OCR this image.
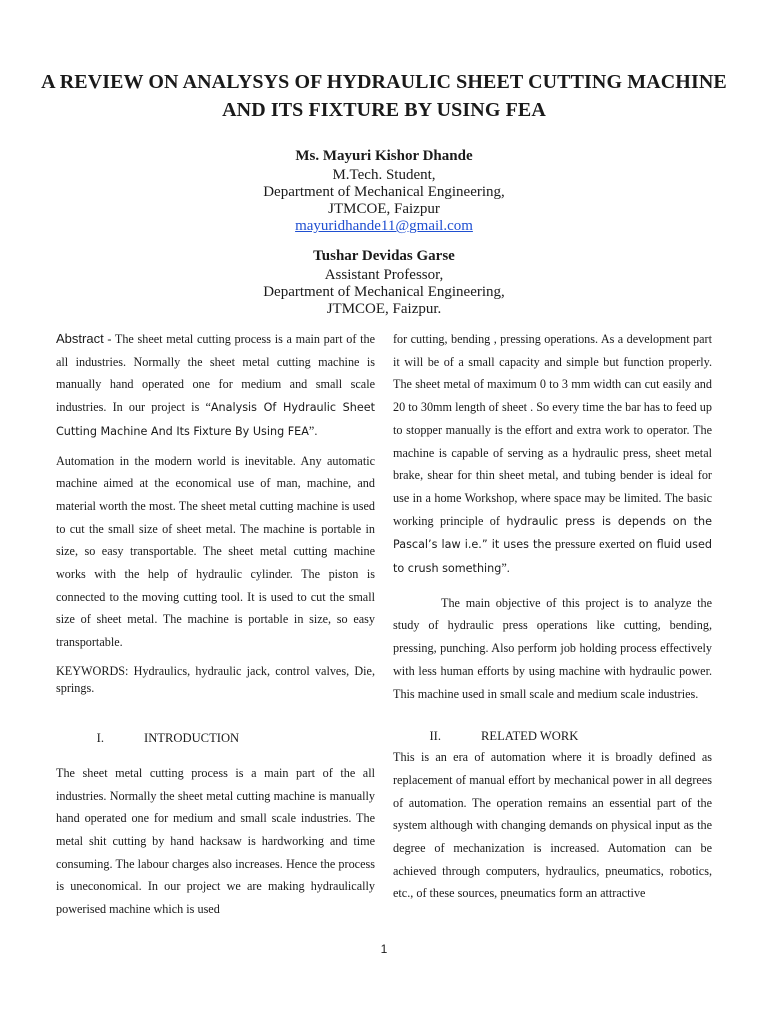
A REVIEW ON ANALYSYS OF HYDRAULIC SHEET CUTTING MACHINE AND ITS FIXTURE BY USING FEA
Ms. Mayuri Kishor Dhande
M.Tech. Student,
Department of Mechanical Engineering,
JTMCOE, Faizpur
mayuridhande11@gmail.com
Tushar Devidas Garse
Assistant Professor,
Department of Mechanical Engineering,
JTMCOE, Faizpur.

Abstract - The sheet metal cutting process is a main part of the all industries. Normally the sheet metal cutting machine is manually hand operated one for medium and small scale industries. In our project is “Analysis Of Hydraulic Sheet Cutting Machine And Its Fixture By Using FEA”.

Automation in the modern world is inevitable. Any automatic machine aimed at the economical use of man, machine, and material worth the most. The sheet metal cutting machine is used to cut the small size of sheet metal. The machine is portable in size, so easy transportable. The sheet metal cutting machine works with the help of hydraulic cylinder. The piston is connected to the moving cutting tool. It is used to cut the small size of sheet metal. The machine is portable in size, so easy transportable.

KEYWORDS: Hydraulics, hydraulic jack, control valves, Die, springs.

I.	INTRODUCTION

The sheet metal cutting process is a main part of the all industries. Normally the sheet metal cutting machine is manually hand operated one for medium and small scale industries. The metal shit cutting by hand hacksaw is hardworking and time consuming. The labour charges also increases. Hence the process is uneconomical. In our project we are making hydraulically powerised machine which is used

for cutting, bending , pressing operations. As a development part it will be of a small capacity and simple but function properly. The sheet metal of maximum 0 to 3 mm width can cut easily and 20 to 30mm length of sheet . So every time the bar has to feed up to stopper manually is the effort and extra work to operator. The machine is capable of serving as a hydraulic press, sheet metal brake, shear for thin sheet metal, and tubing bender is ideal for use in a home Workshop, where space may be limited. The basic working principle of hydraulic press is depends on the Pascal’s law i.e.” it uses the pressure exerted on fluid used to crush something”.

The main objective of this project is to analyze the study of hydraulic press operations like cutting, bending, pressing, punching. Also perform job holding process effectively with less human efforts by using machine with hydraulic power. This machine used in small scale and medium scale industries.

II.	RELATED WORK

This is an era of automation where it is broadly defined as replacement of manual effort by mechanical power in all degrees of automation. The operation remains an essential part of the system although with changing demands on physical input as the degree of mechanization is increased. Automation can be achieved through computers, hydraulics, pneumatics, robotics, etc., of these sources, pneumatics form an attractive

1
